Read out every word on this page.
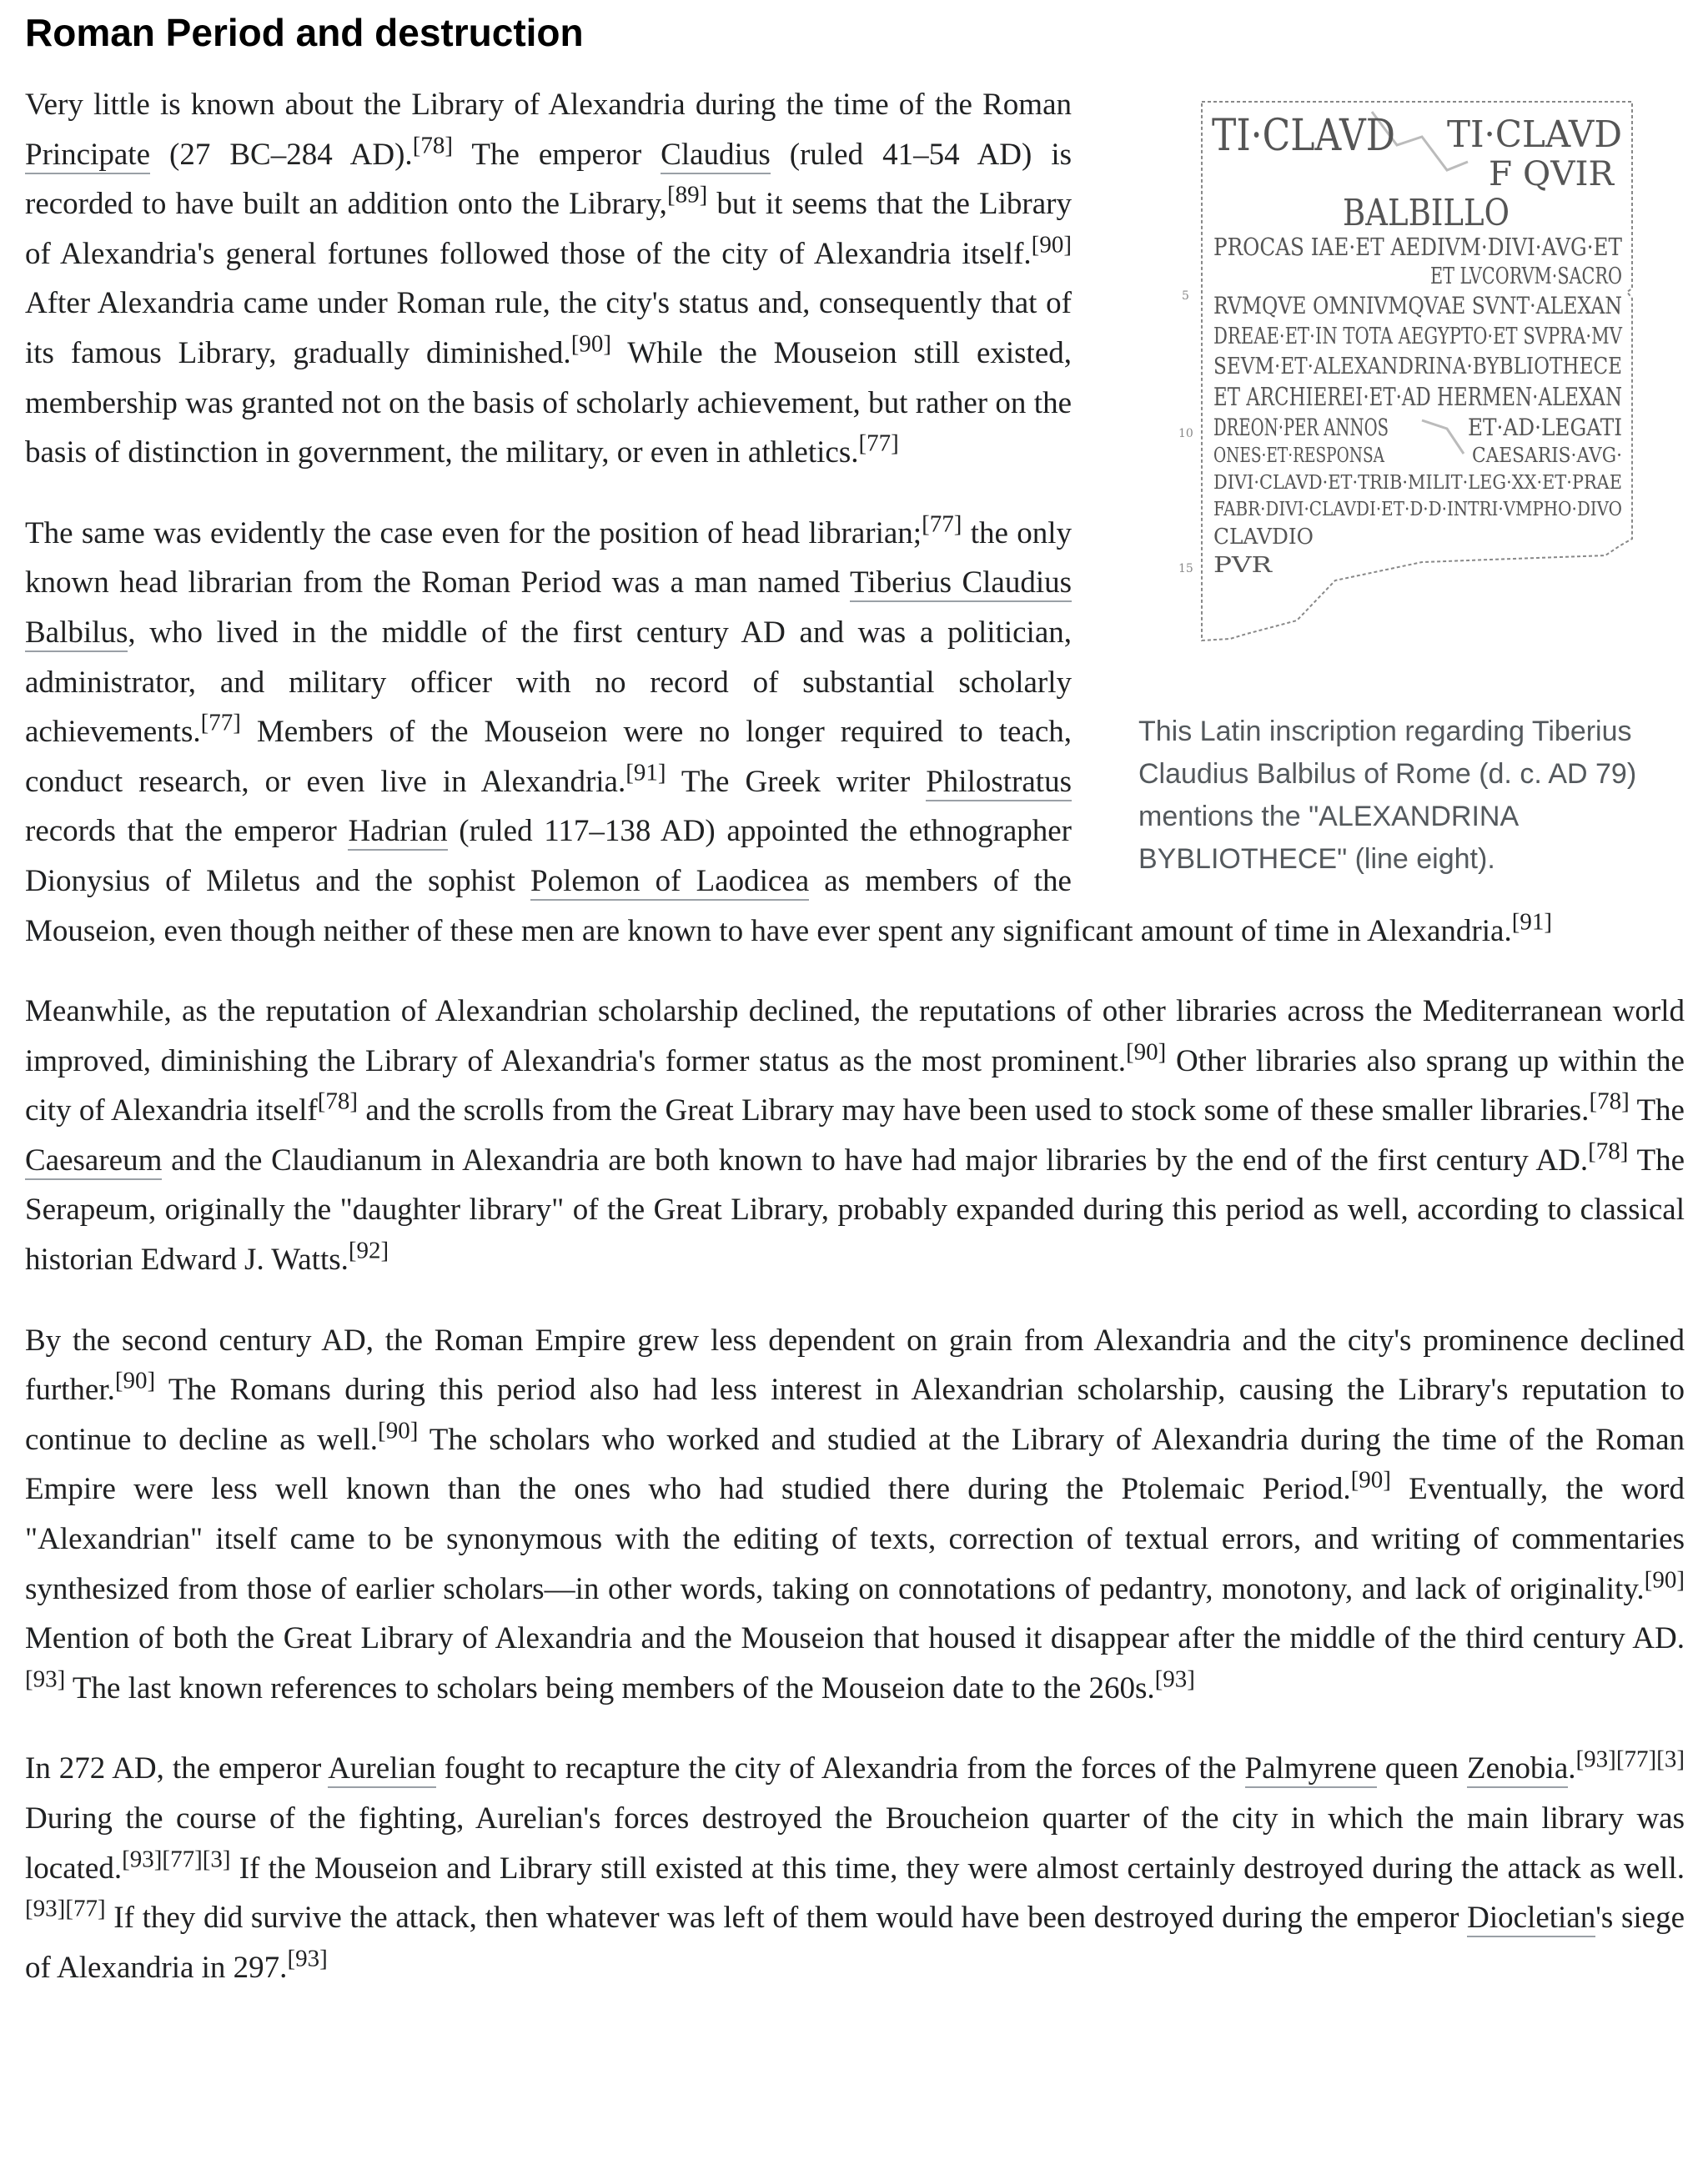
Roman Period and destruction
TI·CLAVD TI·CLAVD
F QVIR
BALBILLO
PROCAS IAE·ET AEDIVM·DIVI·AVG·ET
ET LVCORVM·SACRO
RVMQVE OMNIVMQVAE SVNT·ALEXAN
DREAE·ET·IN TOTA AEGYPTO·ET SVPRA·MV
SEVM·ET·ALEXANDRINA·BYBLIOTHECE
ET ARCHIEREI·ET·AD HERMEN·ALEXAN
DREON·PER ANNOS	ET·AD·LEGATI
ONES·ET·RESPONSA	CAESARIS·AVG·
DIVI·CLAVD·ET·TRIB·MILIT·LEG·XX·ET·PRAE
FABR·DIVI·CLAVDI·ET·D·D·INTRI·VMPHO·DIVO
CLAVDIO
PVR
5
10
15
This Latin inscription regarding Tiberius Claudius Balbilus of Rome (d. c. AD 79) mentions the "ALEXANDRINA BYBLIOTHECE" (line eight).

Very little is known about the Library of Alexandria during the time of the Roman Principate (27 BC–284 AD).[78] The emperor Claudius (ruled 41–54 AD) is recorded to have built an addition onto the Library,[89] but it seems that the Library of Alexandria's general fortunes followed those of the city of Alexandria itself.[90] After Alexandria came under Roman rule, the city's status and, consequently that of its famous Library, gradually diminished.[90] While the Mouseion still existed, membership was granted not on the basis of scholarly achievement, but rather on the basis of distinction in government, the military, or even in athletics.[77]

The same was evidently the case even for the position of head librarian;[77] the only known head librarian from the Roman Period was a man named Tiberius Claudius Balbilus, who lived in the middle of the first century AD and was a politician, administrator, and military officer with no record of substantial scholarly achievements.[77] Members of the Mouseion were no longer required to teach, conduct research, or even live in Alexandria.[91] The Greek writer Philostratus records that the emperor Hadrian (ruled 117–138 AD) appointed the ethnographer Dionysius of Miletus and the sophist Polemon of Laodicea as members of the Mouseion, even though neither of these men are known to have ever spent any significant amount of time in Alexandria.[91]

Meanwhile, as the reputation of Alexandrian scholarship declined, the reputations of other libraries across the Mediterranean world improved, diminishing the Library of Alexandria's former status as the most prominent.[90] Other libraries also sprang up within the city of Alexandria itself[78] and the scrolls from the Great Library may have been used to stock some of these smaller libraries.[78] The Caesareum and the Claudianum in Alexandria are both known to have had major libraries by the end of the first century AD.[78] The Serapeum, originally the "daughter library" of the Great Library, probably expanded during this period as well, according to classical historian Edward J. Watts.[92]

By the second century AD, the Roman Empire grew less dependent on grain from Alexandria and the city's prominence declined further.[90] The Romans during this period also had less interest in Alexandrian scholarship, causing the Library's reputation to continue to decline as well.[90] The scholars who worked and studied at the Library of Alexandria during the time of the Roman Empire were less well known than the ones who had studied there during the Ptolemaic Period.[90] Eventually, the word "Alexandrian" itself came to be synonymous with the editing of texts, correction of textual errors, and writing of commentaries synthesized from those of earlier scholars—in other words, taking on connotations of pedantry, monotony, and lack of originality.[90] Mention of both the Great Library of Alexandria and the Mouseion that housed it disappear after the middle of the third century AD.[93] The last known references to scholars being members of the Mouseion date to the 260s.[93]

In 272 AD, the emperor Aurelian fought to recapture the city of Alexandria from the forces of the Palmyrene queen Zenobia.[93][77][3] During the course of the fighting, Aurelian's forces destroyed the Broucheion quarter of the city in which the main library was located.[93][77][3] If the Mouseion and Library still existed at this time, they were almost certainly destroyed during the attack as well.[93][77] If they did survive the attack, then whatever was left of them would have been destroyed during the emperor Diocletian's siege of Alexandria in 297.[93]
